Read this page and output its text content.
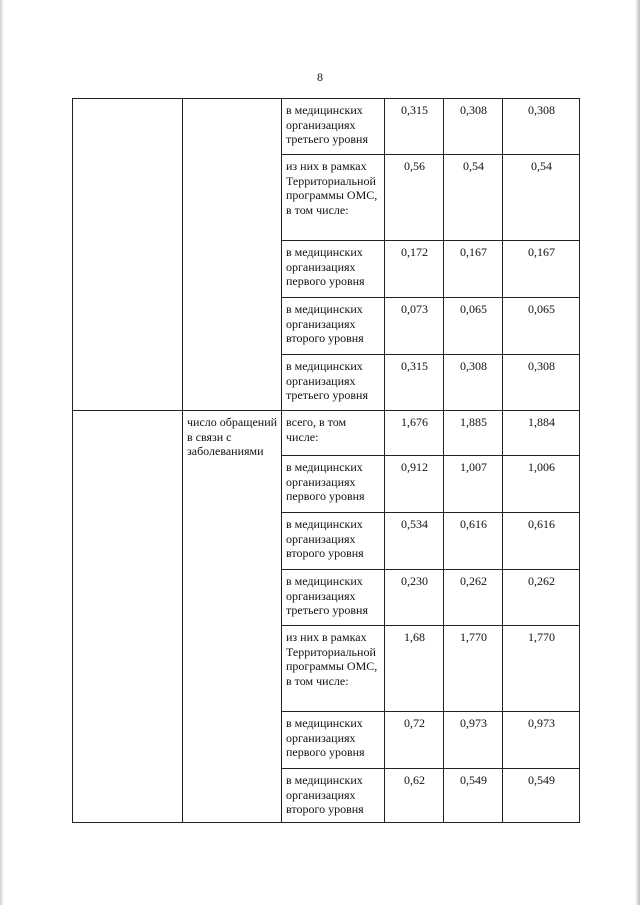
8
		в медицинских организациях третьего уровня	0,315	0,308	0,308
		из них в рамках Территориальной программы ОМС, в том числе:	0,56	0,54	0,54
		в медицинских организациях первого уровня	0,172	0,167	0,167
		в медицинских организациях второго уровня	0,073	0,065	0,065
		в медицинских организациях третьего уровня	0,315	0,308	0,308
	число обращений в связи с заболеваниями	всего, в том числе:	1,676	1,885	1,884
		в медицинских организациях первого уровня	0,912	1,007	1,006
		в медицинских организациях второго уровня	0,534	0,616	0,616
		в медицинских организациях третьего уровня	0,230	0,262	0,262
		из них в рамках Территориальной программы ОМС, в том числе:	1,68	1,770	1,770
		в медицинских организациях первого уровня	0,72	0,973	0,973
		в медицинских организациях второго уровня	0,62	0,549	0,549
